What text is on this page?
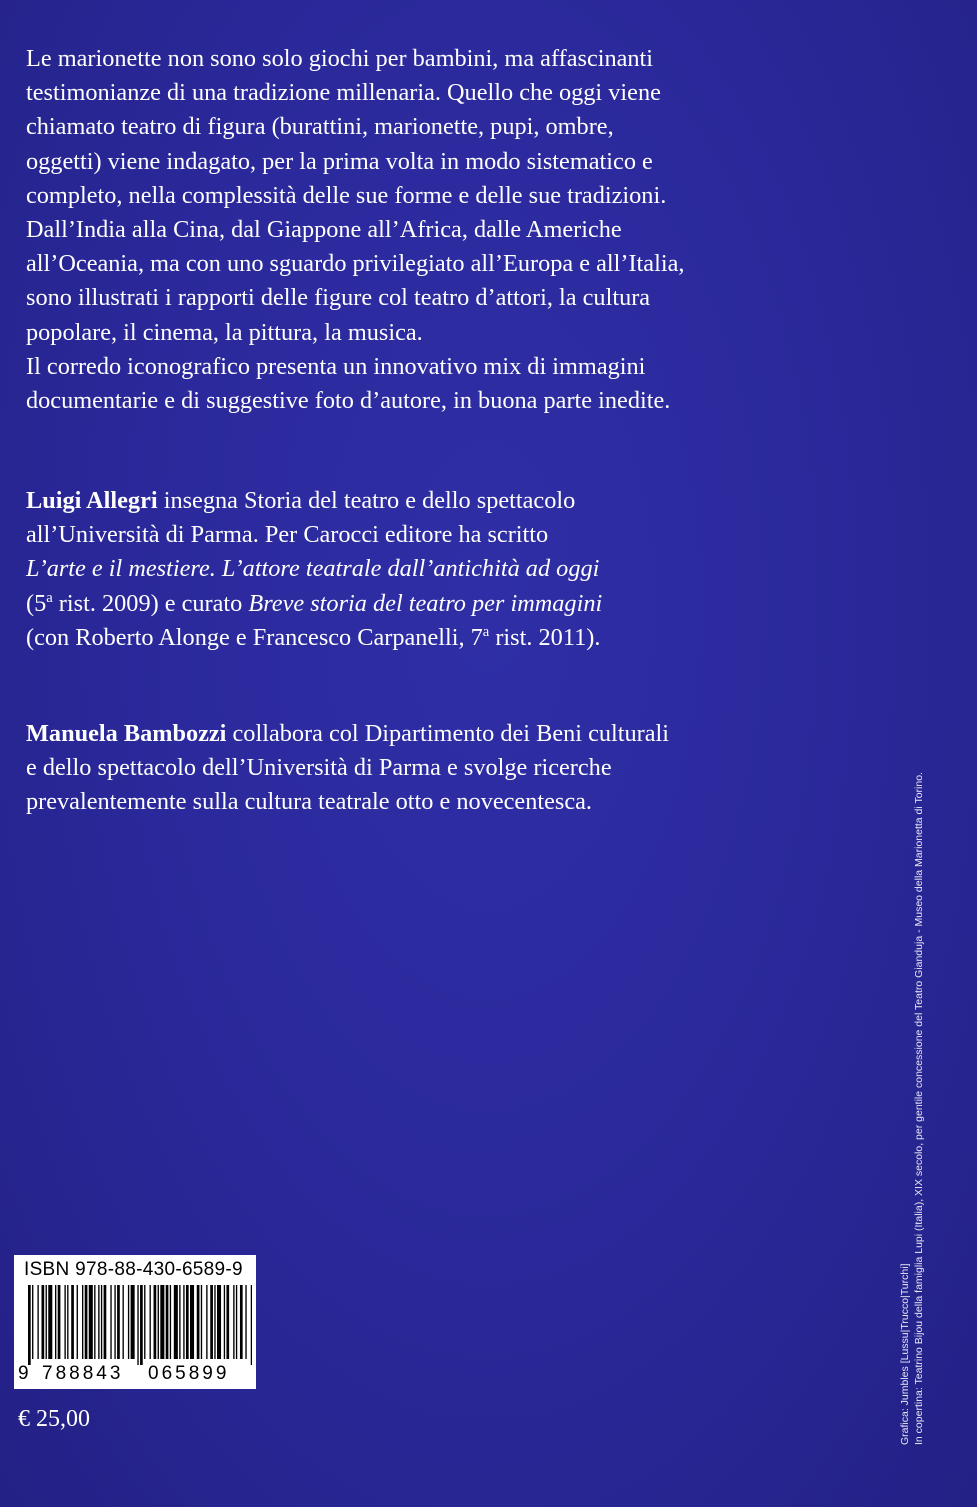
Le marionette non sono solo giochi per bambini, ma affascinanti
testimonianze di una tradizione millenaria. Quello che oggi viene
chiamato teatro di figura (burattini, marionette, pupi, ombre,
oggetti) viene indagato, per la prima volta in modo sistematico e
completo, nella complessità delle sue forme e delle sue tradizioni.
Dall’India alla Cina, dal Giappone all’Africa, dalle Americhe
all’Oceania, ma con uno sguardo privilegiato all’Europa e all’Italia,
sono illustrati i rapporti delle figure col teatro d’attori, la cultura
popolare, il cinema, la pittura, la musica.
Il corredo iconografico presenta un innovativo mix di immagini
documentarie e di suggestive foto d’autore, in buona parte inedite.
Luigi Allegri insegna Storia del teatro e dello spettacolo
all’Università di Parma. Per Carocci editore ha scritto
L’arte e il mestiere. L’attore teatrale dall’antichità ad oggi
(5$^a$ rist. 2009) e curato Breve storia del teatro per immagini
(con Roberto Alonge e Francesco Carpanelli, 7$^a$ rist. 2011).
Manuela Bambozzi collabora col Dipartimento dei Beni culturali
e dello spettacolo dell’Università di Parma e svolge ricerche
prevalentemente sulla cultura teatrale otto e novecentesca.
ISBN 978-88-430-6589-9
9 788843 065899
€ 25,00	Grafica: Jumbles [Lussu|Trucco|Turchi] In copertina: Teatrino Bijou della famiglia Lupi (Italia), XIX secolo, per gentile concessione del Teatro Gianduja - Museo della Marionetta di Torino.
